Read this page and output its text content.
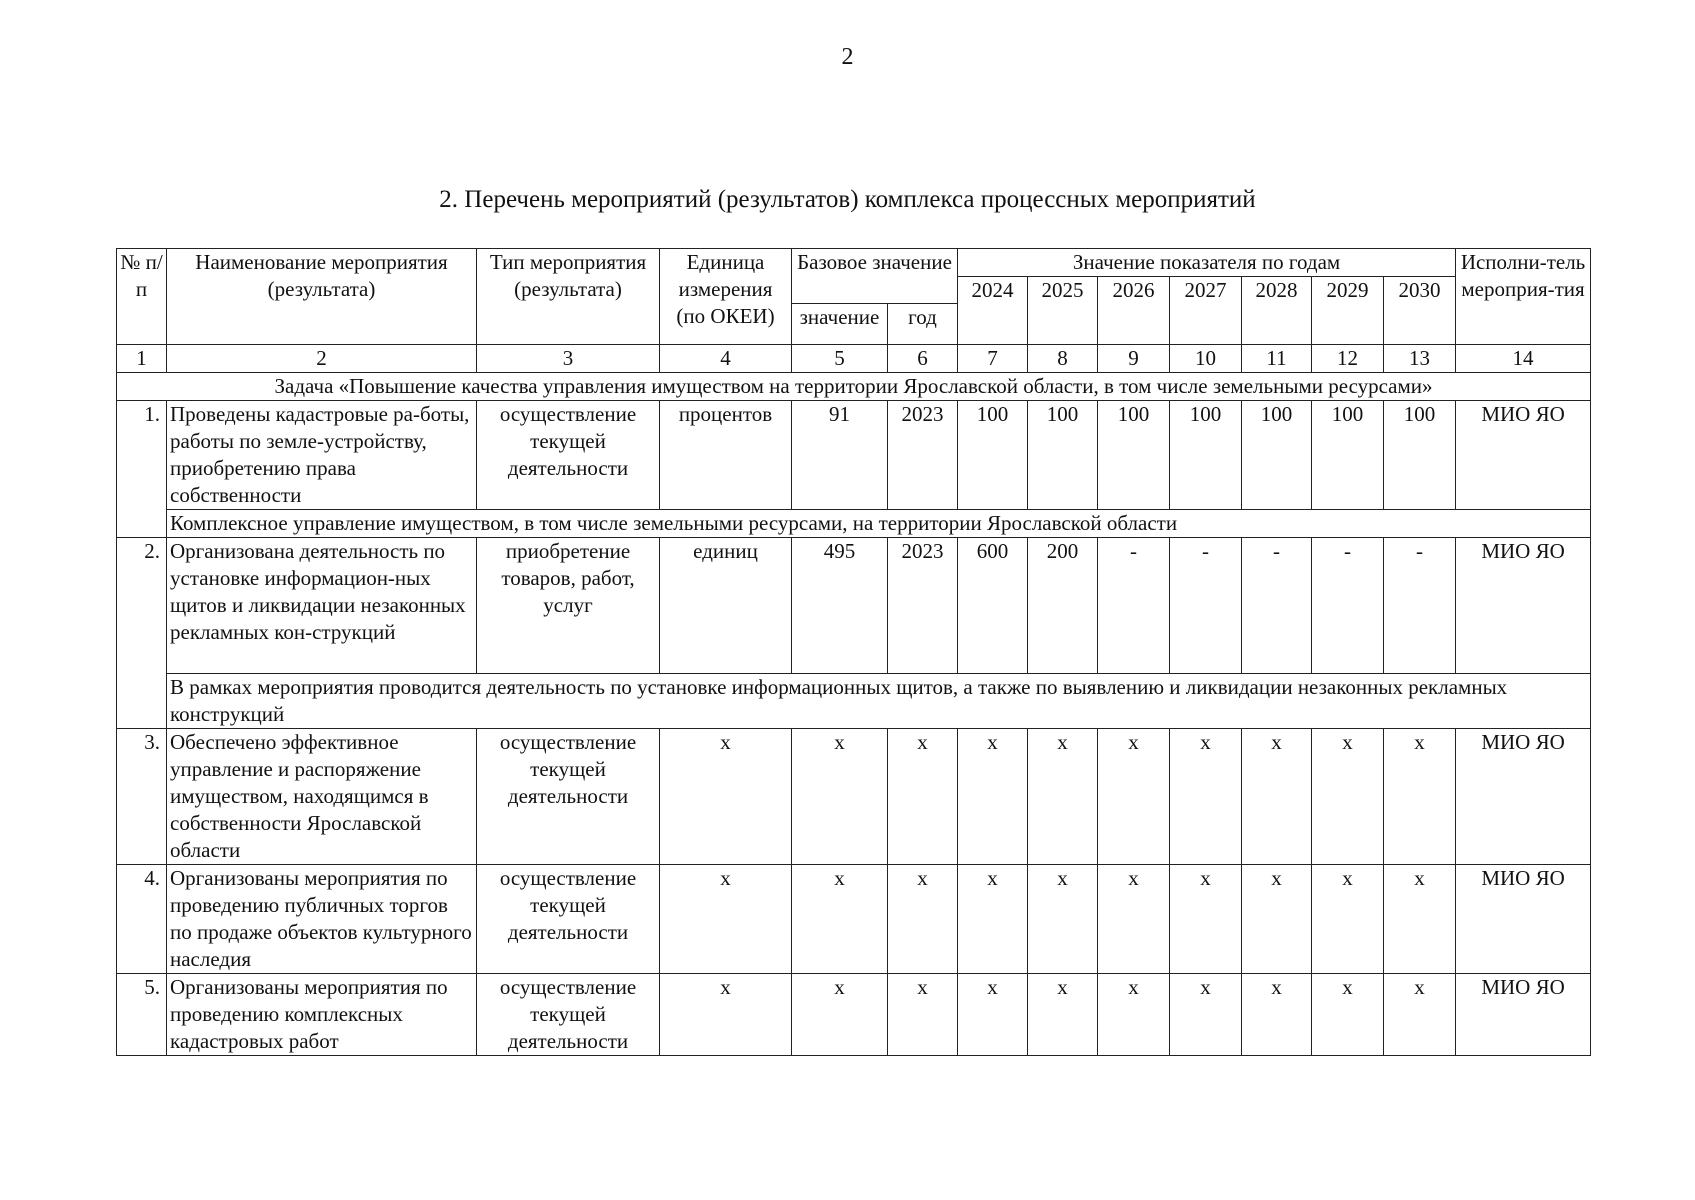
2
2. Перечень мероприятий (результатов) комплекса процессных мероприятий
№ п/п	Наименование мероприятия (результата)	Тип мероприятия (результата)	Единица измерения (по ОКЕИ)	Базовое значение		Значение показателя по годам							Исполни-тель мероприя-тия
						2024	2025	2026	2027	2028	2029	2030	
				значение	год								
1	2	3	4	5	6	7	8	9	10	11	12	13	14
Задача «Повышение качества управления имуществом на территории Ярославской области, в том числе земельными ресурсами»													
1.	Проведены кадастровые ра-боты, работы по земле-устройству, приобретению права собственности	осуществление текущей деятельности	процентов	91	2023	100	100	100	100	100	100	100	МИО ЯО
	Комплексное управление имуществом, в том числе земельными ресурсами, на территории Ярославской области												
2.	Организована деятельность по установке информацион-ных щитов и ликвидации незаконных рекламных кон-струкций	приобретение товаров, работ, услуг	единиц	495	2023	600	200	-	-	-	-	-	МИО ЯО
	В рамках мероприятия проводится деятельность по установке информационных щитов, а также по выявлению и ликвидации незаконных рекламных конструкций												
3.	Обеспечено эффективное управление и распоряжение имуществом, находящимся в собственности Ярославской области	осуществление текущей деятельности	х	х	х	х	х	х	х	х	х	х	МИО ЯО
4.	Организованы мероприятия по проведению публичных торгов по продаже объектов культурного наследия	осуществление текущей деятельности	х	х	х	х	х	х	х	х	х	х	МИО ЯО
5.	Организованы мероприятия по проведению комплексных кадастровых работ	осуществление текущей деятельности	х	х	х	х	х	х	х	х	х	х	МИО ЯО
